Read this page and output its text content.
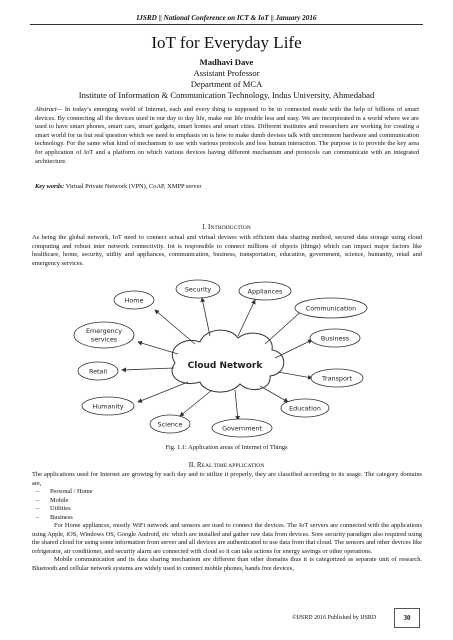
IJSRD || National Conference on ICT & IoT || January 2016
IoT for Everyday Life
Madhavi Dave
Assistant Professor
Department of MCA
Institute of Information & Communication Technology, Indus University, Ahmedabad
Abstract— In today’s emerging world of Internet, each and every thing is supposed to be in connected mode with the help of billions of smart devices. By connecting all the devices used in our day to day life, make our life trouble less and easy. We are incorporated in a world where we are used to have smart phones, smart cars, smart gadgets, smart homes and smart cities. Different institutes and researchers are working for creating a smart world for us but real question which we need to emphasis on is how to make dumb devises talk with uncommon hardware and communication technology. For the same what kind of mechanism to use with various protocols and less human interaction. The purpose is to provide the key area for application of IoT and a platform on which various devices having different mechanism and protocols can communicate with an integrated architecture.
Key words: Virtual Private Network (VPN), CoAP, XMPP server
I. INTRODUCTION
As being the global network, IoT need to connect actual and virtual devises with efficient data sharing method, secured data storage using cloud computing and robust inter network connectivity. Iot is responsible to connect millions of objects (things) which can impact major factors like healthcare, home, security, utility and appliances, communication, business, transportation, education, government, science, humanity, retail and emergency services.
Cloud Network
Home
Security	Appliances
Communication
Business
Transport
Education
Government
Science
Humanity
Retail
Emergency
services
Fig. 1.1: Application areas of Internet of Things
II. REAL TIME APPLICATION
The applications used for Internet are growing by each day and to utilize it properly, they are classified according to its usage. The category domains are,
– Personal / Home
– Mobile
– Utilities
– Business
For Home appliances, mostly WiFi network and sensors are used to connect the devices. The IoT servers are connected with the applications using Apple, iOS, Windows OS, Google Android, etc which are installed and gather raw data from devices. Sore security paradigm also required using the shared cloud for using some information from server and all devices are authenticated to use data from that cloud. The sensors and other devices like refrigerator, air conditioner, and security alarm are connected with cloud so it can take actions for energy savings or other operations.
Mobile communication and its data sharing mechanism are different than other domains thus it is categorized as separate unit of research. Bluetooth and cellular network systems are widely used to connect mobile phones, hands free devices,
©IJSRD 2016 Published by IJSRD	30
